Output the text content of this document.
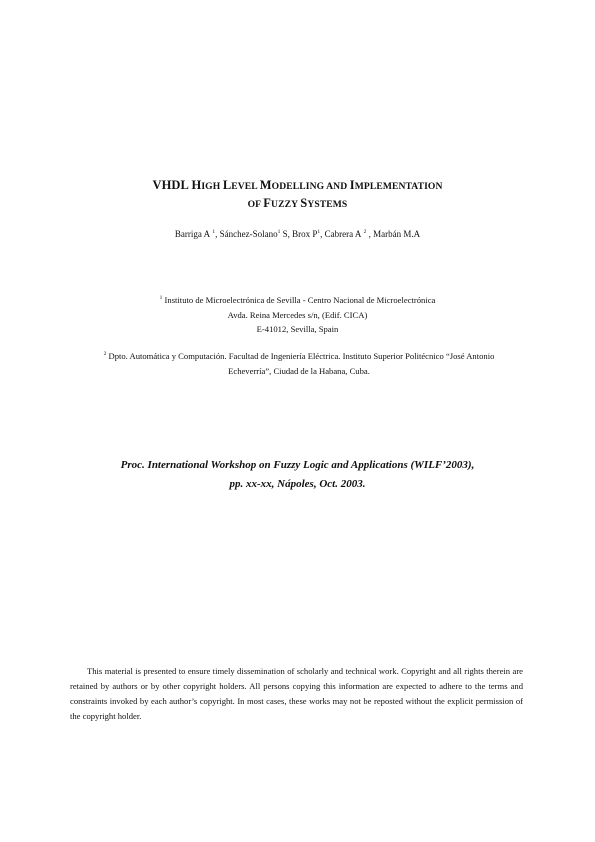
VHDL HIGH LEVEL MODELLING AND IMPLEMENTATION
OF FUZZY SYSTEMS
Barriga A $^1$, Sánchez-Solano$^1$ S, Brox $P^1$, Cabrera A $^2$ , Marbán M.A
$^1$ Instituto de Microelectrónica de Sevilla - Centro Nacional de Microelectrónica
Avda. Reina Mercedes s/n, (Edif. CICA)
E-41012, Sevilla, Spain
$^2$ Dpto. Automática y Computación. Facultad de Ingeniería Eléctrica. Instituto Superior Politécnico “José Antonio Echeverría”, Ciudad de la Habana, Cuba.
Proc. International Workshop on Fuzzy Logic and Applications (WILF’2003),
pp. xx-xx, Nápoles, Oct. 2003.
This material is presented to ensure timely dissemination of scholarly and technical work. Copyright and all rights therein are retained by authors or by other copyright holders. All persons copying this information are expected to adhere to the terms and constraints invoked by each author’s copyright. In most cases, these works may not be reposted without the explicit permission of the copyright holder.
